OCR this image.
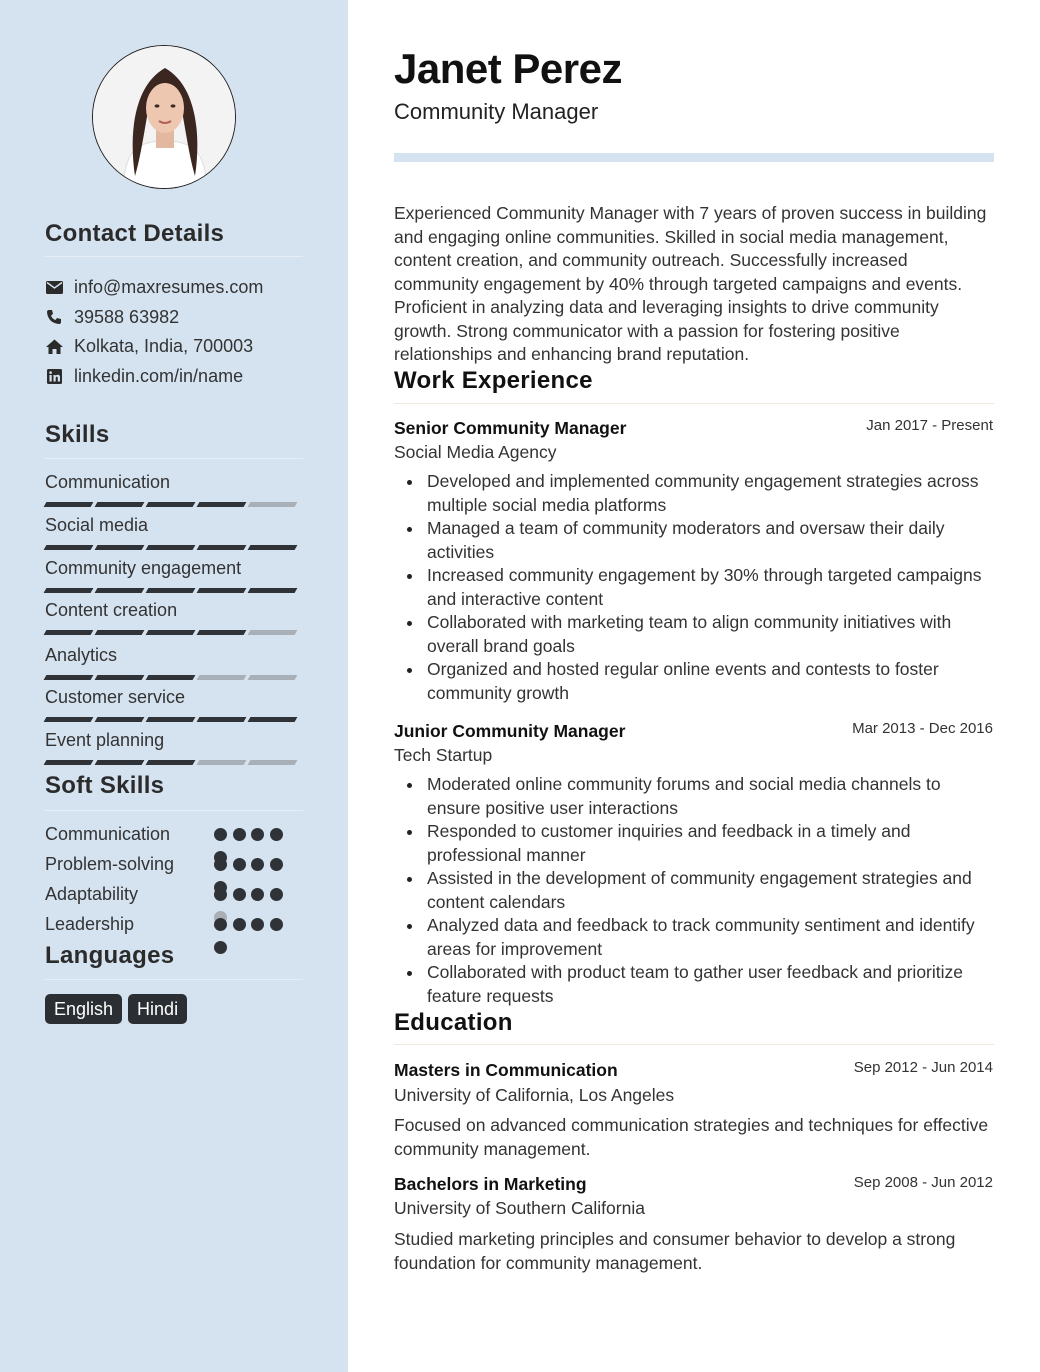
Contact Details
info@maxresumes.com
39588 63982
Kolkata, India, 700003
linkedin.com/in/name
Skills
Communication
Social media
Community engagement
Content creation
Analytics
Customer service
Event planning
Soft Skills
Communication
Problem-solving
Adaptability
Leadership
Languages
English	Hindi
Janet Perez
Community Manager
Experienced Community Manager with 7 years of proven success in building and engaging online communities. Skilled in social media management, content creation, and community outreach. Successfully increased community engagement by 40% through targeted campaigns and events. Proficient in analyzing data and leveraging insights to drive community growth. Strong communicator with a passion for fostering positive relationships and enhancing brand reputation.
Work Experience
Senior Community Manager	Jan 2017 - Present
Social Media Agency
Developed and implemented community engagement strategies across multiple social media platforms
Managed a team of community moderators and oversaw their daily activities
Increased community engagement by 30% through targeted campaigns and interactive content
Collaborated with marketing team to align community initiatives with overall brand goals
Organized and hosted regular online events and contests to foster community growth
Junior Community Manager	Mar 2013 - Dec 2016
Tech Startup
Moderated online community forums and social media channels to ensure positive user interactions
Responded to customer inquiries and feedback in a timely and professional manner
Assisted in the development of community engagement strategies and content calendars
Analyzed data and feedback to track community sentiment and identify areas for improvement
Collaborated with product team to gather user feedback and prioritize feature requests
Education
Masters in Communication	Sep 2012 - Jun 2014
University of California, Los Angeles
Focused on advanced communication strategies and techniques for effective community management.
Bachelors in Marketing	Sep 2008 - Jun 2012
University of Southern California
Studied marketing principles and consumer behavior to develop a strong foundation for community management.
